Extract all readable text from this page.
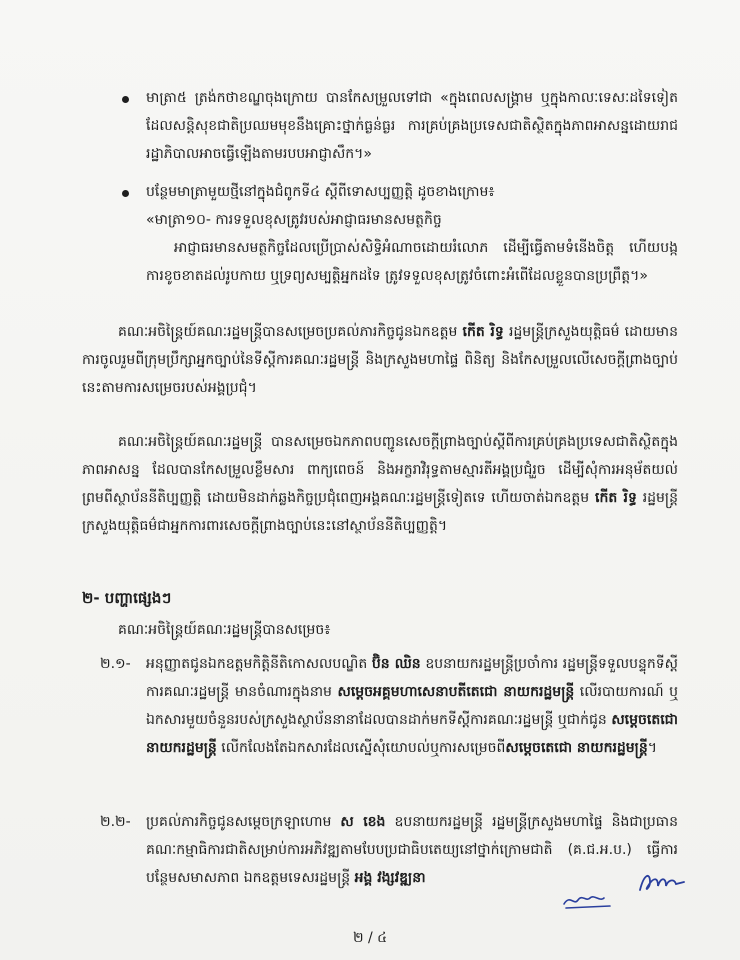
មាត្រា៥ ត្រង់កថាខណ្ឌចុងក្រោយ បានកែសម្រួលទៅជា «ក្នុងពេលសង្គ្រាម ឬក្នុងកាលៈទេសៈដទៃទៀតដែលសន្តិសុខជាតិប្រឈមមុខនឹងគ្រោះថ្នាក់ធ្ងន់ធ្ងរ ការគ្រប់គ្រងប្រទេសជាតិស្ថិតក្នុងភាពអាសន្នដោយរាជរដ្ឋាភិបាលអាចធ្វើឡើងតាមរបបអាជ្ញាសឹក។»

បន្ថែមមាត្រាមួយថ្មីនៅក្នុងជំពូកទី៤ ស្តីពីទោសប្បញ្ញត្តិ ដូចខាងក្រោម៖

«មាត្រា១០- ការទទួលខុសត្រូវរបស់អាជ្ញាធរមានសមត្ថកិច្ច

អាជ្ញាធរមានសមត្ថកិច្ចដែលប្រើប្រាស់សិទ្ធិអំណាចដោយរំលោភ ដើម្បីធ្វើតាមទំនើងចិត្ត ហើយបង្កការខូចខាតដល់រូបកាយ ឬទ្រព្យសម្បត្តិអ្នកដទៃ ត្រូវទទួលខុសត្រូវចំពោះអំពើដែលខ្លួនបានប្រព្រឹត្ត។»

គណៈអចិន្ត្រៃយ៍គណៈរដ្ឋមន្ត្រីបានសម្រេចប្រគល់ភារកិច្ចជូនឯកឧត្តម កើត រិទ្ធ រដ្ឋមន្ត្រីក្រសួងយុត្តិធម៌ ដោយមានការចូលរួមពីក្រុមប្រឹក្សាអ្នកច្បាប់នៃទីស្តីការគណៈរដ្ឋមន្ត្រី និងក្រសួងមហាផ្ទៃ ពិនិត្យ និងកែសម្រួលលើសេចក្តីព្រាងច្បាប់នេះតាមការសម្រេចរបស់អង្គប្រជុំ។

គណៈអចិន្ត្រៃយ៍គណៈរដ្ឋមន្ត្រី បានសម្រេចឯកភាពបញ្ជូនសេចក្តីព្រាងច្បាប់ស្តីពីការគ្រប់គ្រងប្រទេសជាតិស្ថិតក្នុងភាពអាសន្ន ដែលបានកែសម្រួលខ្លឹមសារ ពាក្យពេចន៍ និងអក្ខរាវិរុទ្ធតាមស្មារតីអង្គប្រជុំរួច ដើម្បីសុំការអនុម័តយល់ព្រមពីស្ថាប័ននីតិប្បញ្ញត្តិ ដោយមិនដាក់ឆ្លងកិច្ចប្រជុំពេញអង្គគណៈរដ្ឋមន្ត្រីទៀតទេ ហើយចាត់ឯកឧត្តម កើត រិទ្ធ រដ្ឋមន្ត្រីក្រសួងយុត្តិធម៌ជាអ្នកការពារសេចក្តីព្រាងច្បាប់នេះនៅស្ថាប័ននីតិប្បញ្ញត្តិ។

២- បញ្ហាផ្សេងៗ

គណៈអចិន្ត្រៃយ៍គណៈរដ្ឋមន្ត្រីបានសម្រេច៖

២.១- អនុញ្ញាតជូនឯកឧត្តមកិត្តិនីតិកោសលបណ្ឌិត ប៊ិន ឈិន ឧបនាយករដ្ឋមន្ត្រីប្រចាំការ រដ្ឋមន្ត្រីទទួលបន្ទុកទីស្តីការគណៈរដ្ឋមន្ត្រី មានចំណារក្នុងនាម សម្តេចអគ្គមហាសេនាបតីតេជោ នាយករដ្ឋមន្ត្រី លើរបាយការណ៍ ឬឯកសារមួយចំនួនរបស់ក្រសួងស្ថាប័ននានាដែលបានដាក់មកទីស្តីការគណៈរដ្ឋមន្ត្រី ឬជាក់ជូន សម្តេចតេជោ នាយករដ្ឋមន្ត្រី លើកលែងតែឯកសារដែលស្នើសុំយោបល់ឬការសម្រេចពីសម្តេចតេជោ នាយករដ្ឋមន្ត្រី។

២.២- ប្រគល់ភារកិច្ចជូនសម្តេចក្រឡាហោម ស ខេង ឧបនាយករដ្ឋមន្ត្រី រដ្ឋមន្ត្រីក្រសួងមហាផ្ទៃ និងជាប្រធានគណៈកម្មាធិការជាតិសម្រាប់ការអភិវឌ្ឍតាមបែបប្រជាធិបតេយ្យនៅថ្នាក់ក្រោមជាតិ (គ.ជ.អ.ប.) ធ្វើការបន្ថែមសមាសភាព ឯកឧត្តមទេសរដ្ឋមន្ត្រី អង្គ វង្សវឌ្ឍនា

២ / ៤
